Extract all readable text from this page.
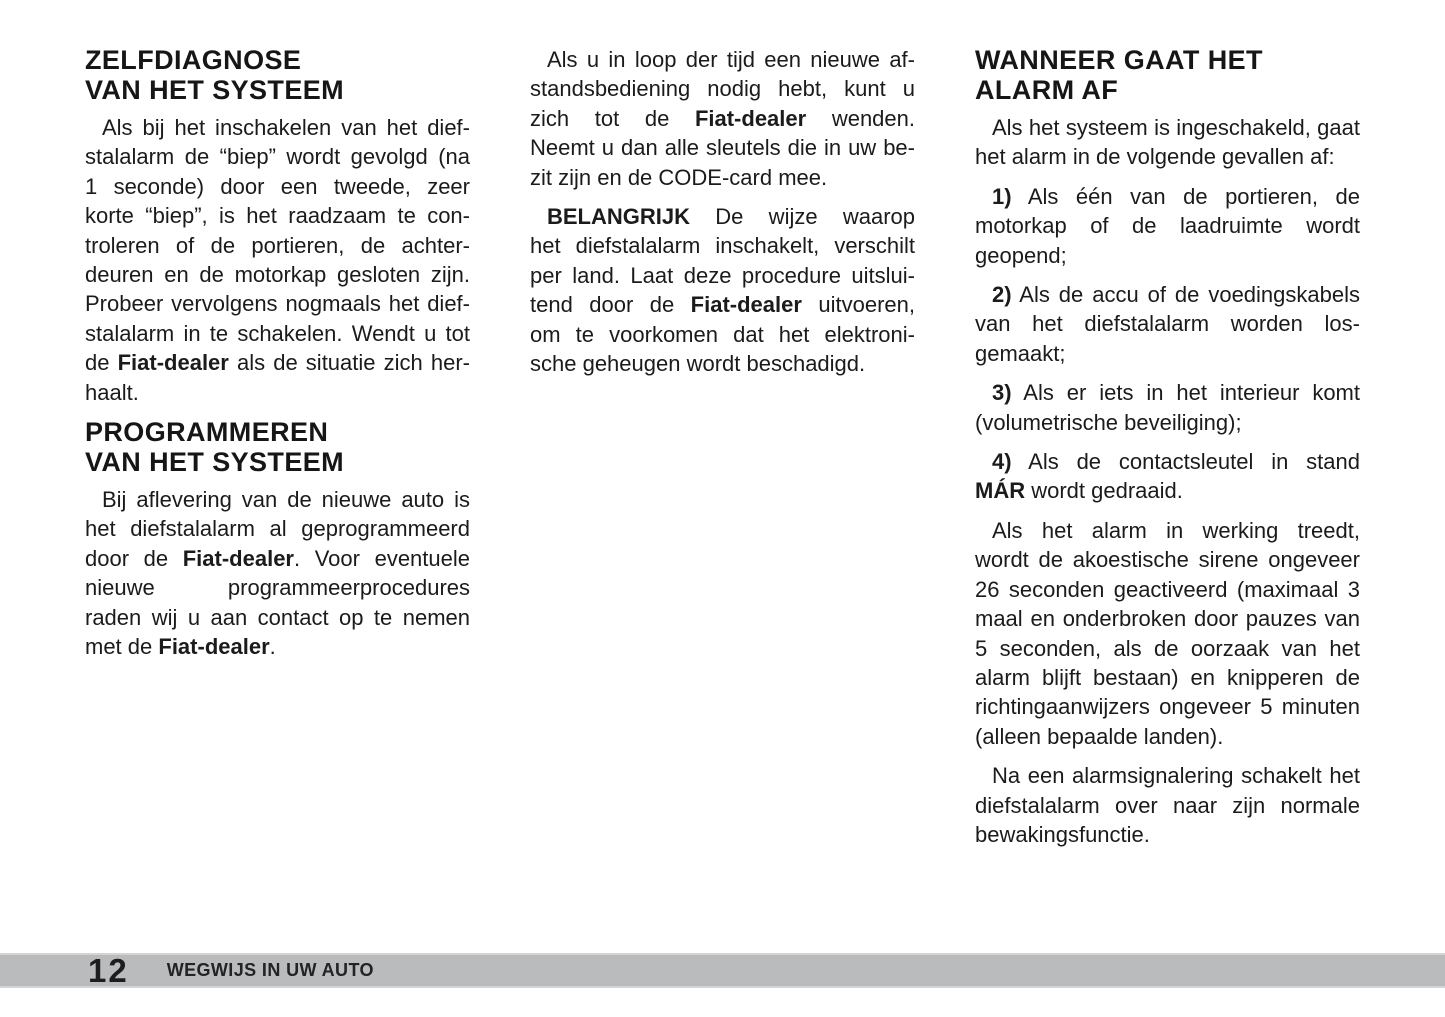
ZELFDIAGNOSE
VAN HET SYSTEEM
Als bij het inschakelen van het dief-
stalalarm de “biep” wordt gevolgd (na
1 seconde) door een tweede, zeer
korte “biep”, is het raadzaam te con-
troleren of de portieren, de achter-
deuren en de motorkap gesloten zijn.
Probeer vervolgens nogmaals het dief-
stalalarm in te schakelen. Wendt u tot
de Fiat-dealer als de situatie zich her-
haalt.
PROGRAMMEREN
VAN HET SYSTEEM
Bij aflevering van de nieuwe auto is
het diefstalalarm al geprogrammeerd
door de Fiat-dealer. Voor eventuele
nieuwe programmeerprocedures
raden wij u aan contact op te nemen
met de Fiat-dealer.
Als u in loop der tijd een nieuwe af-
standsbediening nodig hebt, kunt u
zich tot de Fiat-dealer wenden.
Neemt u dan alle sleutels die in uw be-
zit zijn en de CODE-card mee.
BELANGRIJK De wijze waarop
het diefstalalarm inschakelt, verschilt
per land. Laat deze procedure uitslui-
tend door de Fiat-dealer uitvoeren,
om te voorkomen dat het elektroni-
sche geheugen wordt beschadigd.
WANNEER GAAT HET
ALARM AF
Als het systeem is ingeschakeld, gaat
het alarm in de volgende gevallen af:
1) Als één van de portieren, de
motorkap of de laadruimte wordt
geopend;
2) Als de accu of de voedingskabels
van het diefstalalarm worden los-
gemaakt;
3) Als er iets in het interieur komt
(volumetrische beveiliging);
4) Als de contactsleutel in stand
MÁR wordt gedraaid.
Als het alarm in werking treedt,
wordt de akoestische sirene ongeveer
26 seconden geactiveerd (maximaal 3
maal en onderbroken door pauzes van
5 seconden, als de oorzaak van het
alarm blijft bestaan) en knipperen de
richtingaanwijzers ongeveer 5 minuten
(alleen bepaalde landen).
Na een alarmsignalering schakelt het
diefstalalarm over naar zijn normale
bewakingsfunctie.
12 WEGWIJS IN UW AUTO
